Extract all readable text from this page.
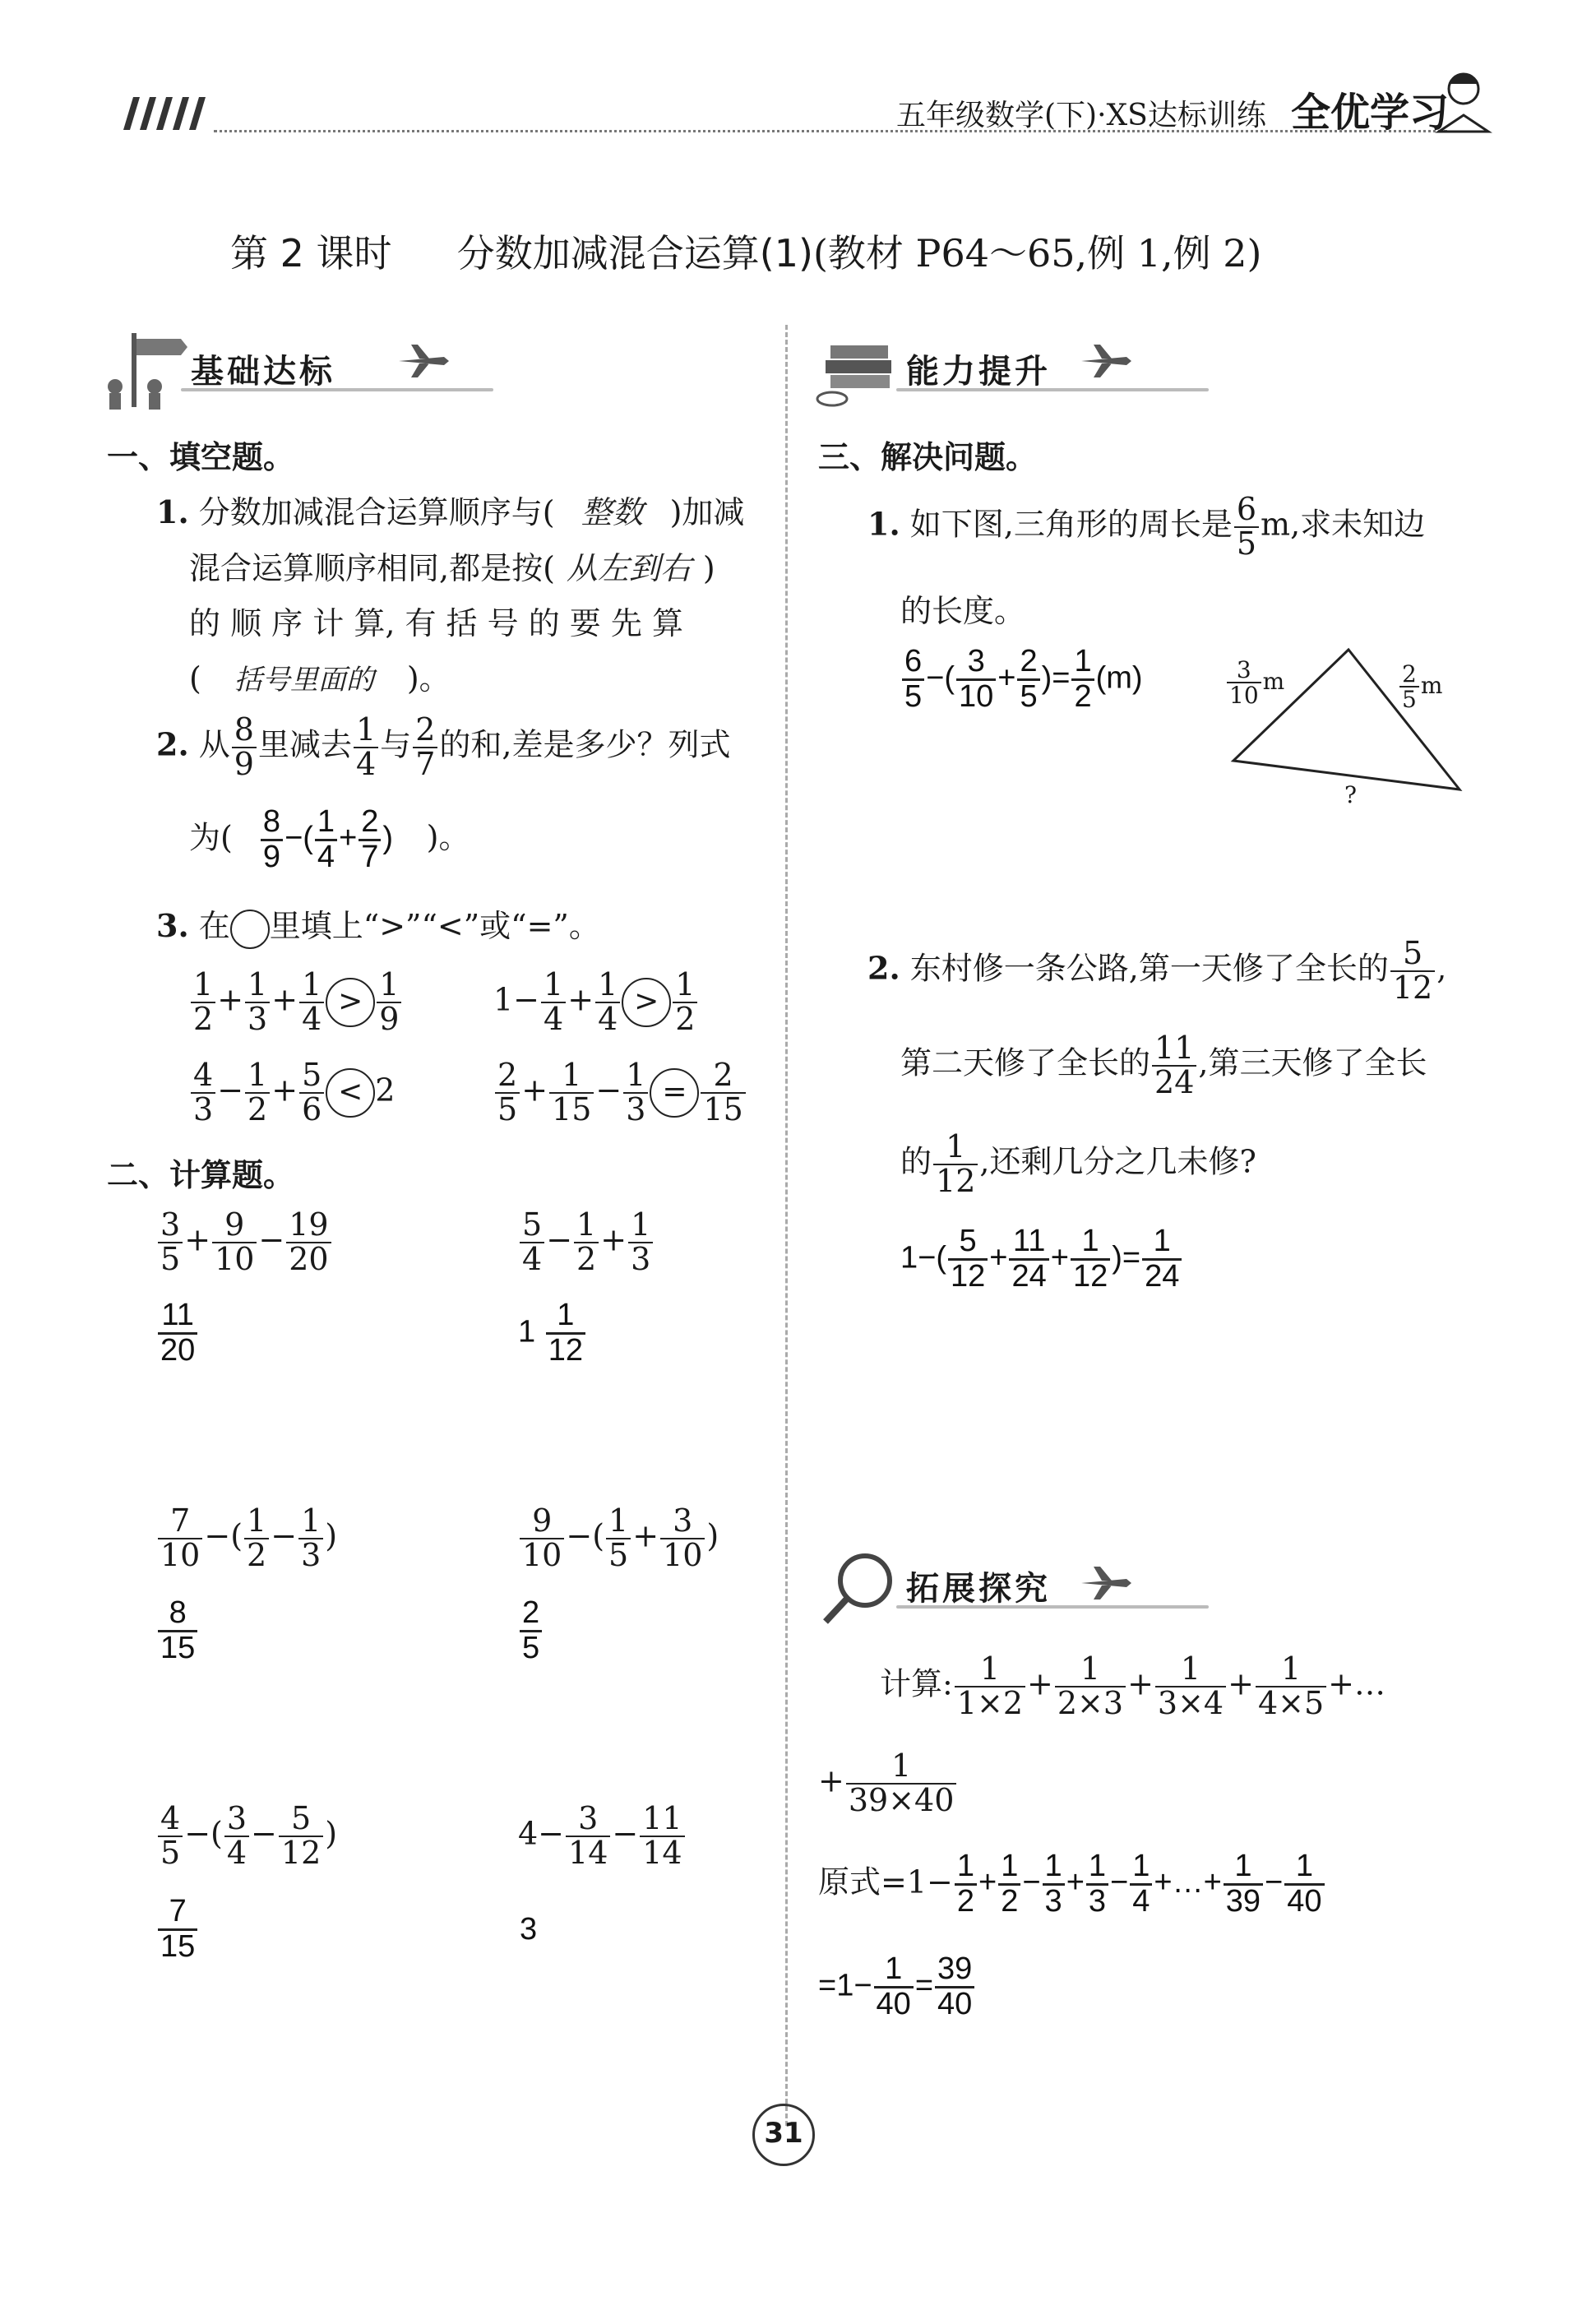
五年级数学(下)·XS达标训练 全优学习
第 2 课时 分数加减混合运算(1)(教材 P64～65,例 1,例 2)
基础达标
一、填空题。
1. 分数加减混合运算顺序与( 整数 )加减
混合运算顺序相同,都是按( 从左到右 )
的 顺 序 计 算, 有 括 号 的 要 先 算
( 括号里面的 )。
2. 从 $\frac{8}{9}$ 里减去 $\frac{1}{4}$ 与 $\frac{2}{7}$ 的和,差是多少？列式
为( $\frac{8}{9}$ −( $\frac{1}{4} + \frac{2}{7}$ ) )。
3. 在 里填上“>”“<”或“=”。
$\frac{1}{2} + \frac{1}{3} + \frac{1}{4} > \frac{1}{9}$	$1- \frac{1}{4} + \frac{1}{4} > \frac{1}{2}$
$\frac{4}{3} - \frac{1}{2} + \frac{5}{6} < 2$	$\frac{2}{5} + \frac{1}{15} - \frac{1}{3} = \frac{2}{15}$
二、计算题。
$\frac{3}{5} + \frac{9}{10} - \frac{19}{20}$
$\frac{11}{20}$
$\frac{5}{4} - \frac{1}{2} + \frac{1}{3}$
$1 \frac{1}{12}$
$\frac{7}{10}$ −( $\frac{1}{2} - \frac{1}{3}$ )
$\frac{8}{15}$
$\frac{9}{10}$ −( $\frac{1}{5} + \frac{3}{10}$ )
$\frac{2}{5}$
$\frac{4}{5}$ −( $\frac{3}{4} - \frac{5}{12}$ )
$\frac{7}{15}$
$4- \frac{3}{14} - \frac{11}{14}$
3
能力提升
三、解决问题。
1. 如下图,三角形的周长是 $\frac{6}{5} m$,求未知边
的长度。
$\frac{6}{5}$ −( $\frac{3}{10} + \frac{2}{5}$ )= $\frac{1}{2} (m)$	$\frac{3}{10}$ m	$\frac{2}{5}$ m
?
2. 东村修一条公路,第一天修了全长的 $\frac{5}{12}$ ,
第二天修了全长的 $\frac{11}{24}$ ,第三天修了全长
的 $\frac{1}{12}$ ,还剩几分之几未修?
$1-( \frac{5}{12} + \frac{11}{24} + \frac{1}{12}$ )= $\frac{1}{24}$
拓展探究
计算: $\frac{1}{1\times 2} + \frac{1}{2\times 3} + \frac{1}{3\times 4} + \frac{1}{4\times 5}$ +…
+ $\frac{1}{39\times 40}$
原式$=1- \frac{1}{2} + \frac{1}{2} - \frac{1}{3} + \frac{1}{3} - \frac{1}{4}$ +…+ $\frac{1}{39} - \frac{1}{40}$
$=1- \frac{1}{40} = \frac{39}{40}$
31
